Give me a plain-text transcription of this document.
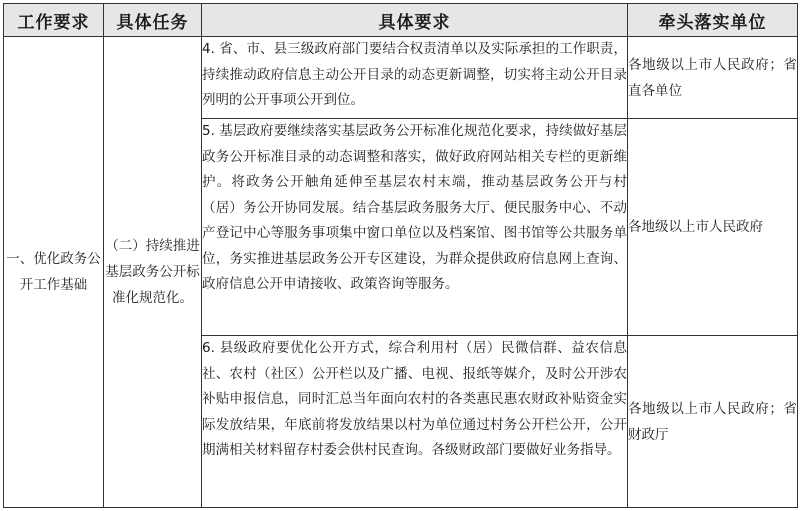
工作要求	具体任务	具体要求	牵头落实单位
一、优化政务公开工作基础	（二）持续推进基层政务公开标准化规范化。	4. 省、市、县三级政府部门要结合权责清单以及实际承担的工作职责，持续推动政府信息主动公开目录的动态更新调整，切实将主动公开目录列明的公开事项公开到位。	各地级以上市人民政府；省直各单位
		5. 基层政府要继续落实基层政务公开标准化规范化要求，持续做好基层政务公开标准目录的动态调整和落实，做好政府网站相关专栏的更新维护。将政务公开触角延伸至基层农村末端，推动基层政务公开与村（居）务公开协同发展。结合基层政务服务大厅、便民服务中心、不动产登记中心等服务事项集中窗口单位以及档案馆、图书馆等公共服务单位，务实推进基层政务公开专区建设，为群众提供政府信息网上查询、政府信息公开申请接收、政策咨询等服务。	各地级以上市人民政府
		6. 县级政府要优化公开方式，综合利用村（居）民微信群、益农信息社、农村（社区）公开栏以及广播、电视、报纸等媒介，及时公开涉农补贴申报信息，同时汇总当年面向农村的各类惠民惠农财政补贴资金实际发放结果，年底前将发放结果以村为单位通过村务公开栏公开，公开期满相关材料留存村委会供村民查询。各级财政部门要做好业务指导。	各地级以上市人民政府；省财政厅
